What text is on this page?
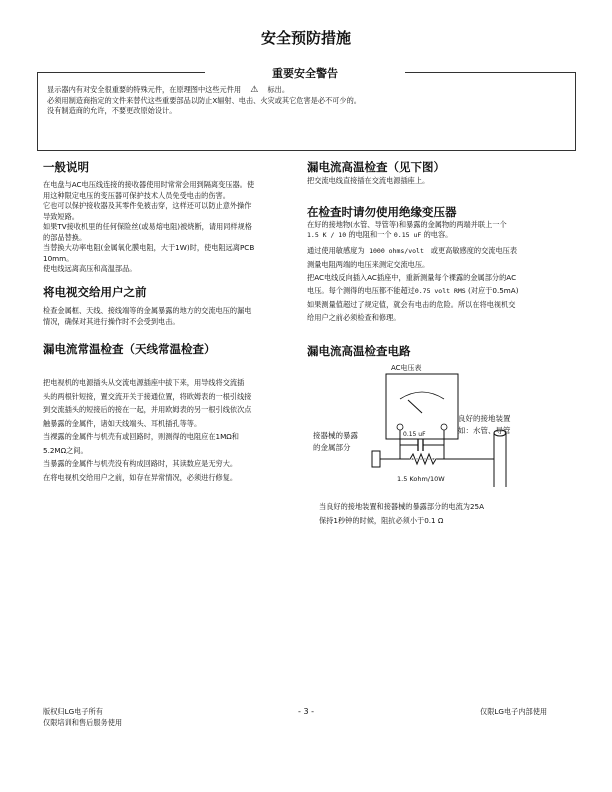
安全预防措施
重要安全警告
显示器内有对安全很重要的特殊元件，在原理图中这些元件用 ⚠ 标出。
必须用制造商指定的文件来替代这些重要部品以防止X辐射、电击、火灾或其它危害是必不可少的。
没有制造商的允许，不要更改原始设计。
一般说明
在电盘与AC电压线连接的接收器使用时常常会用到隔离变压器。使
用这种限定电压的变压器可保护技术人员免受电击的伤害。
它也可以保护接收器及其零件免被击穿，这样还可以防止意外操作
导致短路。
如果TV接收机里的任何保险丝(或易熔电阻)被烧断，请用同样规格
的部品替换。
当替换大功率电阻(金属氧化膜电阻，大于1W)时，使电阻远离PCB
10mm。
使电线远离高压和高温部品。
将电视交给用户之前
检查金属框、天线、接线端等的金属暴露的地方的交流电压的漏电
情况，确保对其进行操作时不会受到电击。
漏电流常温检查（天线常温检查）
把电视机的电源插头从交流电源插座中拔下来，用导线将交流插
头的两根针短接，置交流开关于接通位置，将欧姆表的一根引线接
到交流插头的短接后的接在一起，并用欧姆表的另一根引线依次点
触暴露的金属件，诸如天线端头、耳机插孔等等。
当裸露的金属件与机壳有或回路时，则测得的电阻应在1MΩ和
5.2MΩ之间。
当暴露的金属件与机壳没有构成回路时，其读数应是无穷大。
在将电视机交给用户之前，如存在异常情况，必须进行修复。
漏电流高温检查（见下图）
把交流电线直接插在交流电源插座上。
在检查时请勿使用绝缘变压器
在好的接地物(水管、导管等)和暴露的金属物的两端并联上一个
1.5 K / 10 的电阻和一个 0.15 uF 的电容。
通过使用敏感度为 1000 ohms/volt 或更高敏感度的交流电压表
测量电阻两端的电压来测定交流电压。
把AC电线反向插入AC插座中，重新测量每个裸露的金属部分的AC
电压。每个测得的电压都不能超过0.75 volt RMS (对应于0.5mA)
如果测量值超过了规定值，就会有电击的危险。所以在将电视机交
给用户之前必须检查和修理。
漏电流高温检查电路
AC电压表
0.15 uF
1.5 Kohm/10W
接器械的暴露
的金属部分
良好的接地装置
如：水管、导管
当良好的接地装置和接器械的暴露部分的电流为25A
保持1秒钟的时候，阻抗必须小于0.1 Ω
版权归LG电子所有
仅限培训和售后服务使用
- 3 -	仅限LG电子内部使用
